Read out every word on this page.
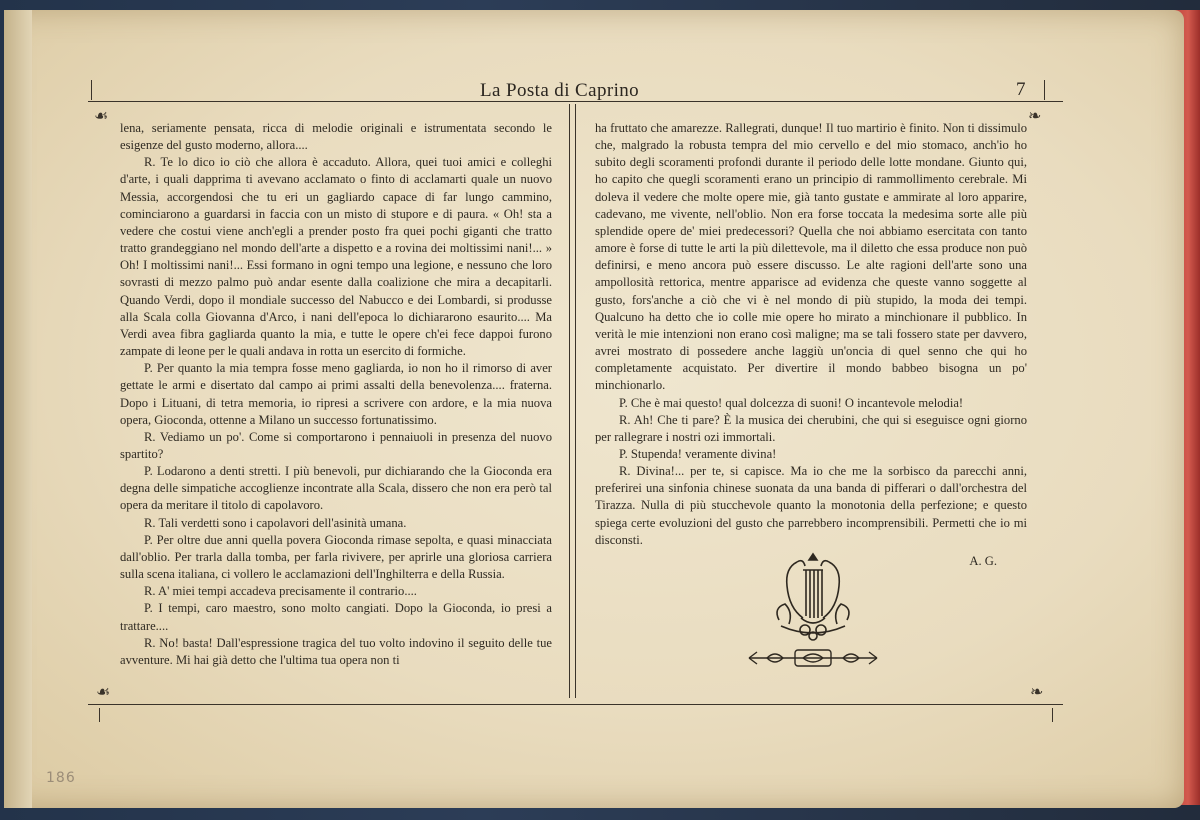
La Posta di Caprino	7
☙	❧
☙	❧

lena, seriamente pensata, ricca di melodie originali e istrumentata secondo le esigenze del gusto moderno, allora....

R. Te lo dico io ciò che allora è accaduto. Allora, quei tuoi amici e colleghi d'arte, i quali dapprima ti avevano acclamato o finto di acclamarti quale un nuovo Messia, accorgendosi che tu eri un gagliardo capace di far lungo cammino, cominciarono a guardarsi in faccia con un misto di stupore e di paura. « Oh! sta a vedere che costui viene anch'egli a prender posto fra quei pochi giganti che tratto tratto grandeggiano nel mondo dell'arte a dispetto e a rovina dei moltissimi nani!... » Oh! I moltissimi nani!... Essi formano in ogni tempo una legione, e nessuno che loro sovrasti di mezzo palmo può andar esente dalla coalizione che mira a decapitarli. Quando Verdi, dopo il mondiale successo del Nabucco e dei Lombardi, si produsse alla Scala colla Giovanna d'Arco, i nani dell'epoca lo dichiararono esaurito.... Ma Verdi avea fibra gagliarda quanto la mia, e tutte le opere ch'ei fece dappoi furono zampate di leone per le quali andava in rotta un esercito di formiche.

P. Per quanto la mia tempra fosse meno gagliarda, io non ho il rimorso di aver gettate le armi e disertato dal campo ai primi assalti della benevolenza.... fraterna. Dopo i Lituani, di tetra memoria, io ripresi a scrivere con ardore, e la mia nuova opera, Gioconda, ottenne a Milano un successo fortunatissimo.

R. Vediamo un po'. Come si comportarono i pennaiuoli in presenza del nuovo spartito?

P. Lodarono a denti stretti. I più benevoli, pur dichiarando che la Gioconda era degna delle simpatiche accoglienze incontrate alla Scala, dissero che non era però tal opera da meritare il titolo di capolavoro.

R. Tali verdetti sono i capolavori dell'asinità umana.

P. Per oltre due anni quella povera Gioconda rimase sepolta, e quasi minacciata dall'oblio. Per trarla dalla tomba, per farla rivivere, per aprirle una gloriosa carriera sulla scena italiana, ci vollero le acclamazioni dell'Inghilterra e della Russia.

R. A' miei tempi accadeva precisamente il contrario....

P. I tempi, caro maestro, sono molto cangiati. Dopo la Gioconda, io presi a trattare....

R. No! basta! Dall'espressione tragica del tuo volto indovino il seguito delle tue avventure. Mi hai già detto che l'ultima tua opera non ti

ha fruttato che amarezze. Rallegrati, dunque! Il tuo martirio è finito. Non ti dissimulo che, malgrado la robusta tempra del mio cervello e del mio stomaco, anch'io ho subito degli scoramenti profondi durante il periodo delle lotte mondane. Giunto qui, ho capito che quegli scoramenti erano un principio di rammollimento cerebrale. Mi doleva il vedere che molte opere mie, già tanto gustate e ammirate al loro apparire, cadevano, me vivente, nell'oblio. Non era forse toccata la medesima sorte alle più splendide opere de' miei predecessori? Quella che noi abbiamo esercitata con tanto amore è forse di tutte le arti la più dilettevole, ma il diletto che essa produce non può definirsi, e meno ancora può essere discusso. Le alte ragioni dell'arte sono una ampollosità rettorica, mentre apparisce ad evidenza che queste vanno soggette al gusto, fors'anche a ciò che vi è nel mondo di più stupido, la moda dei tempi. Qualcuno ha detto che io colle mie opere ho mirato a minchionare il pubblico. In verità le mie intenzioni non erano così maligne; ma se tali fossero state per davvero, avrei mostrato di possedere anche laggiù un'oncia di quel senno che qui ho completamente acquistato. Per divertire il mondo babbeo bisogna un po' minchionarlo.

P. Che è mai questo! qual dolcezza di suoni! O incantevole melodia!

R. Ah! Che ti pare? È la musica dei cherubini, che qui si eseguisce ogni giorno per rallegrare i nostri ozi immortali.

P. Stupenda! veramente divina!

R. Divina!... per te, si capisce. Ma io che me la sorbisco da parecchi anni, preferirei una sinfonia chinese suonata da una banda di pifferari o dall'orchestra del Tirazza. Nulla di più stucchevole quanto la monotonia della perfezione; e questo spiega certe evoluzioni del gusto che parrebbero incomprensibili. Permetti che io mi disconsti.

A. G.

186
